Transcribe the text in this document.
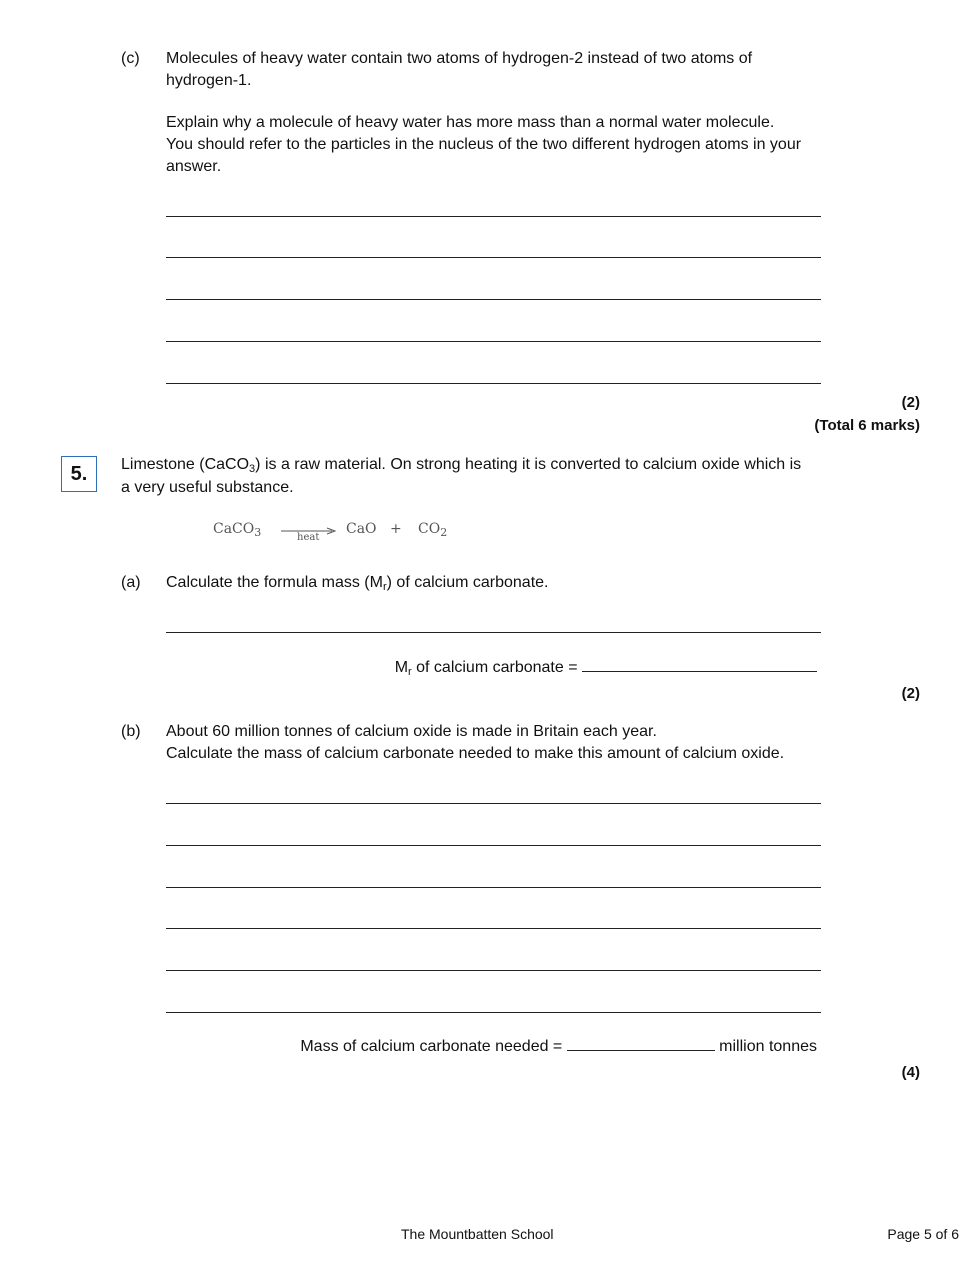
(c) Molecules of heavy water contain two atoms of hydrogen-2 instead of two atoms of
hydrogen-1.
Explain why a molecule of heavy water has more mass than a normal water molecule.
You should refer to the particles in the nucleus of the two different hydrogen atoms in your
answer.
(2)
(Total 6 marks)
5.	Limestone (CaCO$_3$) is a raw material. On strong heating it is converted to calcium oxide which is
a very useful substance.
CaCO$_3$	heat
CaO + $CO_2$
(a) Calculate the formula mass $(M_r)$ of calcium carbonate.
$M_r$ of calcium carbonate =
(2)
(b) About 60 million tonnes of calcium oxide is made in Britain each year.
Calculate the mass of calcium carbonate needed to make this amount of calcium oxide.
Mass of calcium carbonate needed =	million tonnes
(4)
The Mountbatten School	Page 5 of 6
